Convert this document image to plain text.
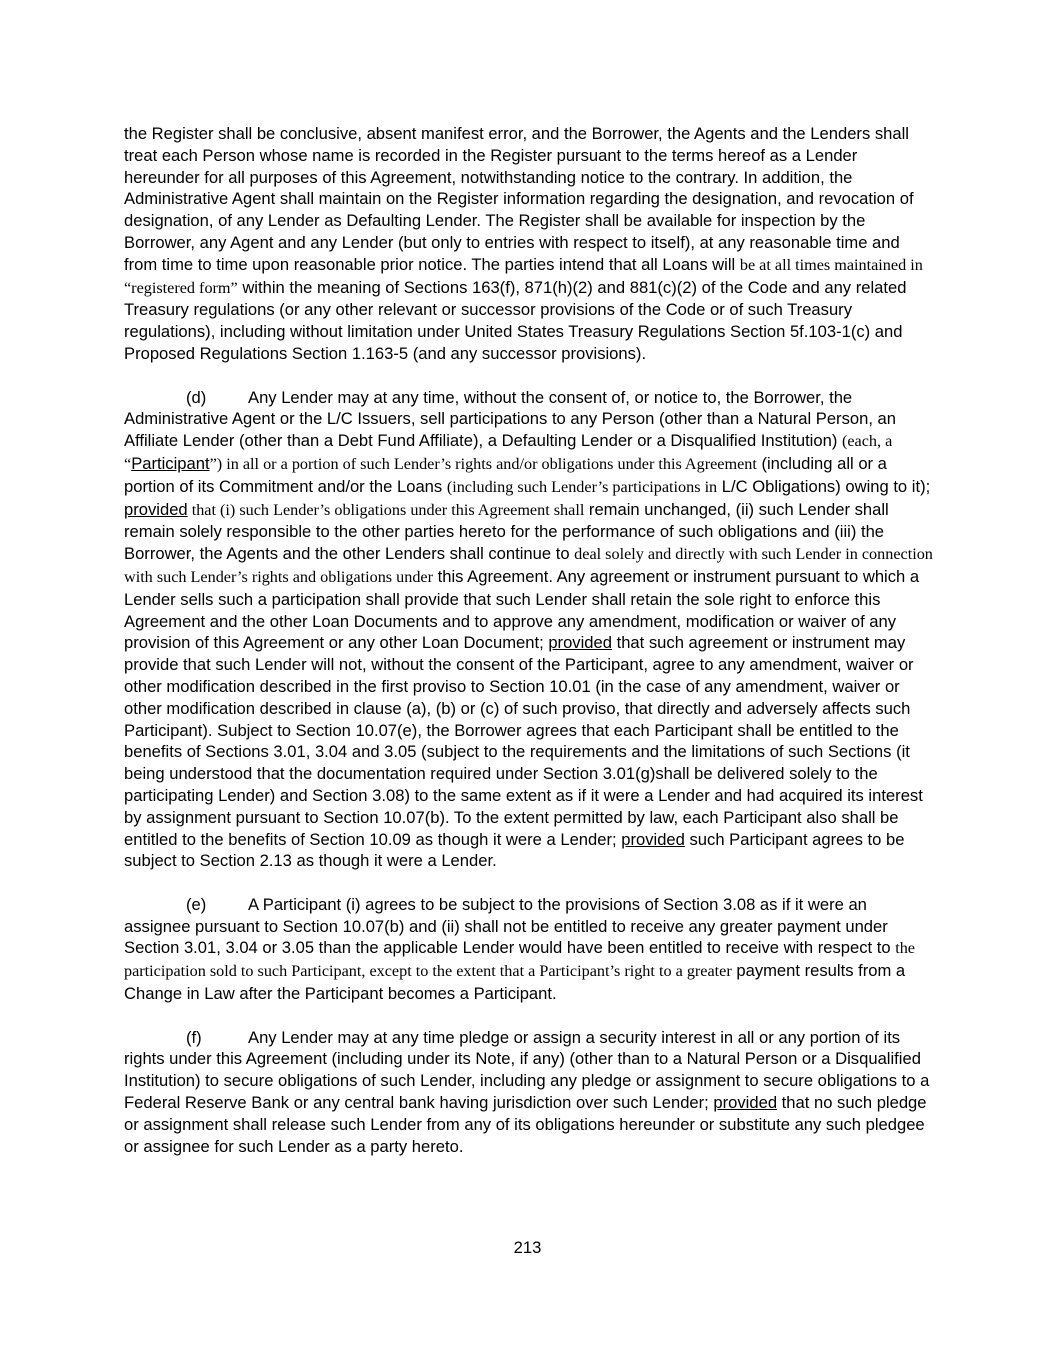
the Register shall be conclusive, absent manifest error, and the Borrower, the Agents and the Lenders shall treat each Person whose name is recorded in the Register pursuant to the terms hereof as a Lender hereunder for all purposes of this Agreement, notwithstanding notice to the contrary. In addition, the Administrative Agent shall maintain on the Register information regarding the designation, and revocation of designation, of any Lender as Defaulting Lender. The Register shall be available for inspection by the Borrower, any Agent and any Lender (but only to entries with respect to itself), at any reasonable time and from time to time upon reasonable prior notice. The parties intend that all Loans will be at all times maintained in “registered form” within the meaning of Sections 163(f), 871(h)(2) and 881(c)(2) of the Code and any related Treasury regulations (or any other relevant or successor provisions of the Code or of such Treasury regulations), including without limitation under United States Treasury Regulations Section 5f.103-1(c) and Proposed Regulations Section 1.163-5 (and any successor provisions).

(d)	Any Lender may at any time, without the consent of, or notice to, the Borrower, the Administrative Agent or the L/C Issuers, sell participations to any Person (other than a Natural Person, an Affiliate Lender (other than a Debt Fund Affiliate), a Defaulting Lender or a Disqualified Institution) (each, a “Participant”) in all or a portion of such Lender’s rights and/or obligations under this Agreement (including all or a portion of its Commitment and/or the Loans (including such Lender’s participations in L/C Obligations) owing to it); provided that (i) such Lender’s obligations under this Agreement shall remain unchanged, (ii) such Lender shall remain solely responsible to the other parties hereto for the performance of such obligations and (iii) the Borrower, the Agents and the other Lenders shall continue to deal solely and directly with such Lender in connection with such Lender’s rights and obligations under this Agreement. Any agreement or instrument pursuant to which a Lender sells such a participation shall provide that such Lender shall retain the sole right to enforce this Agreement and the other Loan Documents and to approve any amendment, modification or waiver of any provision of this Agreement or any other Loan Document; provided that such agreement or instrument may provide that such Lender will not, without the consent of the Participant, agree to any amendment, waiver or other modification described in the first proviso to Section 10.01 (in the case of any amendment, waiver or other modification described in clause (a), (b) or (c) of such proviso, that directly and adversely affects such Participant). Subject to Section 10.07(e), the Borrower agrees that each Participant shall be entitled to the benefits of Sections 3.01, 3.04 and 3.05 (subject to the requirements and the limitations of such Sections (it being understood that the documentation required under Section 3.01(g)shall be delivered solely to the participating Lender) and Section 3.08) to the same extent as if it were a Lender and had acquired its interest by assignment pursuant to Section 10.07(b). To the extent permitted by law, each Participant also shall be entitled to the benefits of Section 10.09 as though it were a Lender; provided such Participant agrees to be subject to Section 2.13 as though it were a Lender.

(e)	A Participant (i) agrees to be subject to the provisions of Section 3.08 as if it were an assignee pursuant to Section 10.07(b) and (ii) shall not be entitled to receive any greater payment under Section 3.01, 3.04 or 3.05 than the applicable Lender would have been entitled to receive with respect to the participation sold to such Participant, except to the extent that a Participant’s right to a greater payment results from a Change in Law after the Participant becomes a Participant.

(f)	Any Lender may at any time pledge or assign a security interest in all or any portion of its rights under this Agreement (including under its Note, if any) (other than to a Natural Person or a Disqualified Institution) to secure obligations of such Lender, including any pledge or assignment to secure obligations to a Federal Reserve Bank or any central bank having jurisdiction over such Lender; provided that no such pledge or assignment shall release such Lender from any of its obligations hereunder or substitute any such pledgee or assignee for such Lender as a party hereto.

213
